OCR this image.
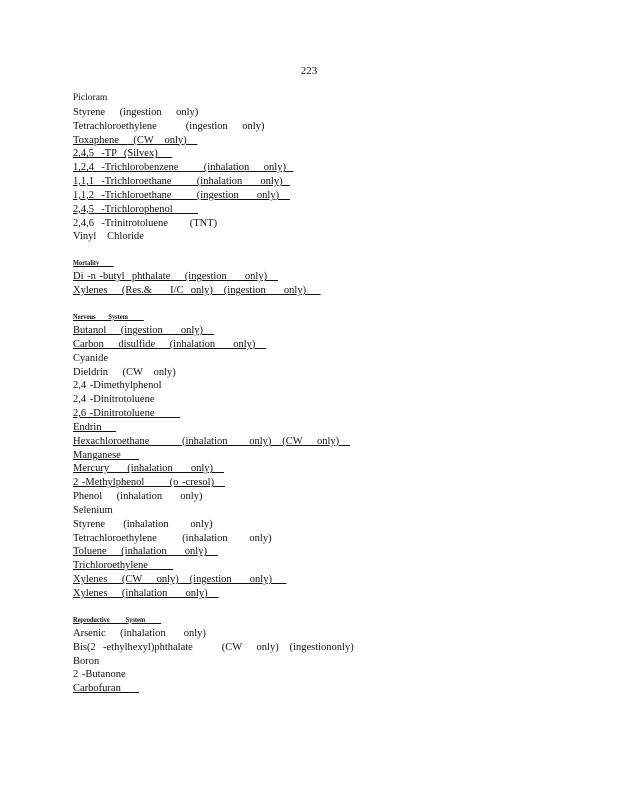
223
Picloram
Styrene    (ingestion    only)
Tetrachloroethylene        (ingestion    only)
Toxaphene    (CW   only)
2,4,5  -TP  (Silvex)
1,2,4  -Trichlorobenzene       (inhalation    only)
1,1,1  -Trichloroethane       (inhalation     only)
1,1,2  -Trichloroethane       (ingestion     only)
2,4,5  -Trichlorophenol
2,4,6  -Trinitrotoluene      (TNT)
Vinyl   Chloride
Mortality
Di -n -butyl  phthalate    (ingestion     only)
Xylenes    (Res.&     I/C  only)   (ingestion     only)
Nervous        System
Butanol    (ingestion     only)
Carbon    disulfide    (inhalation     only)
Cyanide
Dieldrin    (CW   only)
2,4 -Dimethylphenol
2,4 -Dinitrotoluene
2,6 -Dinitrotoluene
Endrin
Hexachloroethane         (inhalation      only)   (CW    only)
Manganese
Mercury     (inhalation     only)
2 -Methylphenol       (o -cresol)
Phenol    (inhalation     only)
Selenium
Styrene     (inhalation      only)
Tetrachloroethylene       (inhalation      only)
Toluene    (inhalation     only)
Trichloroethylene
Xylenes    (CW    only)   (ingestion     only)
Xylenes    (inhalation     only)
Reproductive          System
Arsenic    (inhalation     only)
Bis(2  -ethylhexyl)phthalate        (CW    only)   (ingestiononly)
Boron
2 -Butanone
Carbofuran
